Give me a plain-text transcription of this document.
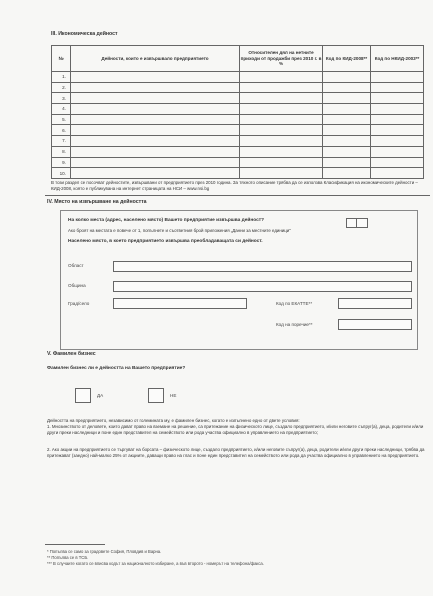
III. Икономическа дейност
№	Дейности, които е извършвало предприятието	Относителен дял на нетните приходи от продажби през 2010 г. в %	Код по КИД-2008**	Код по НКИД-2003**
1.				
2.				
3.				
4.				
5.				
6.				
7.				
8.				
9.				
10.				
В този раздел се посочват дейностите, извършвани от предприятието през 2010 година. За тяхното описание трябва да се използва Класификация на икономическите дейности – КИД-2008, която е публикувана на интернет страницата на НСИ – www.nsi.bg
IV. Място на извършване на дейността
На колко места (адрес, населено място) Вашето предприятие извършва дейност?
Ако броят на местата е повече от 1, попълнете и съответния брой приложения „Данни за местните единици"
Населено място, в което предприятието извършва преобладаващата си дейност.
Област
Община
Град/село	Код по ЕКАТТЕ**
Код на поречие**
V. Фамилен бизнес
Фамилен бизнес ли е дейността на Вашето предприятие?
ДА	НЕ
Дейността на предприятието, независимо от големината му, е фамилен бизнес, когато е изпълнено едно от двете условия:
1. Мнозинството от деловете, които дават право на вземане на решение, са притежание на физическото лице, създало предприятието, и/или неговите съпруг(а), деца, родители и/или други преки наследници и поне един представител на семейството или рода участва официално в управлението на предприятието;
2. Ако акции на предприятието се търгуват на борсата – физическото лице, създало предприятието, и/или неговите съпруг(а), деца, родители и/или други преки наследници, трябва да притежават (заедно) най-малко 25% от акциите, даващи право на глас и поне един представител на семейството или рода да участва официално в управлението на предприятието.
* Попълва се само за градовете София, Пловдив и Варна.
** Попълва се в ТСБ.
*** В случаите когато се вписва кодът за националното избиране, а във второто - номерът на телефона/факса.
